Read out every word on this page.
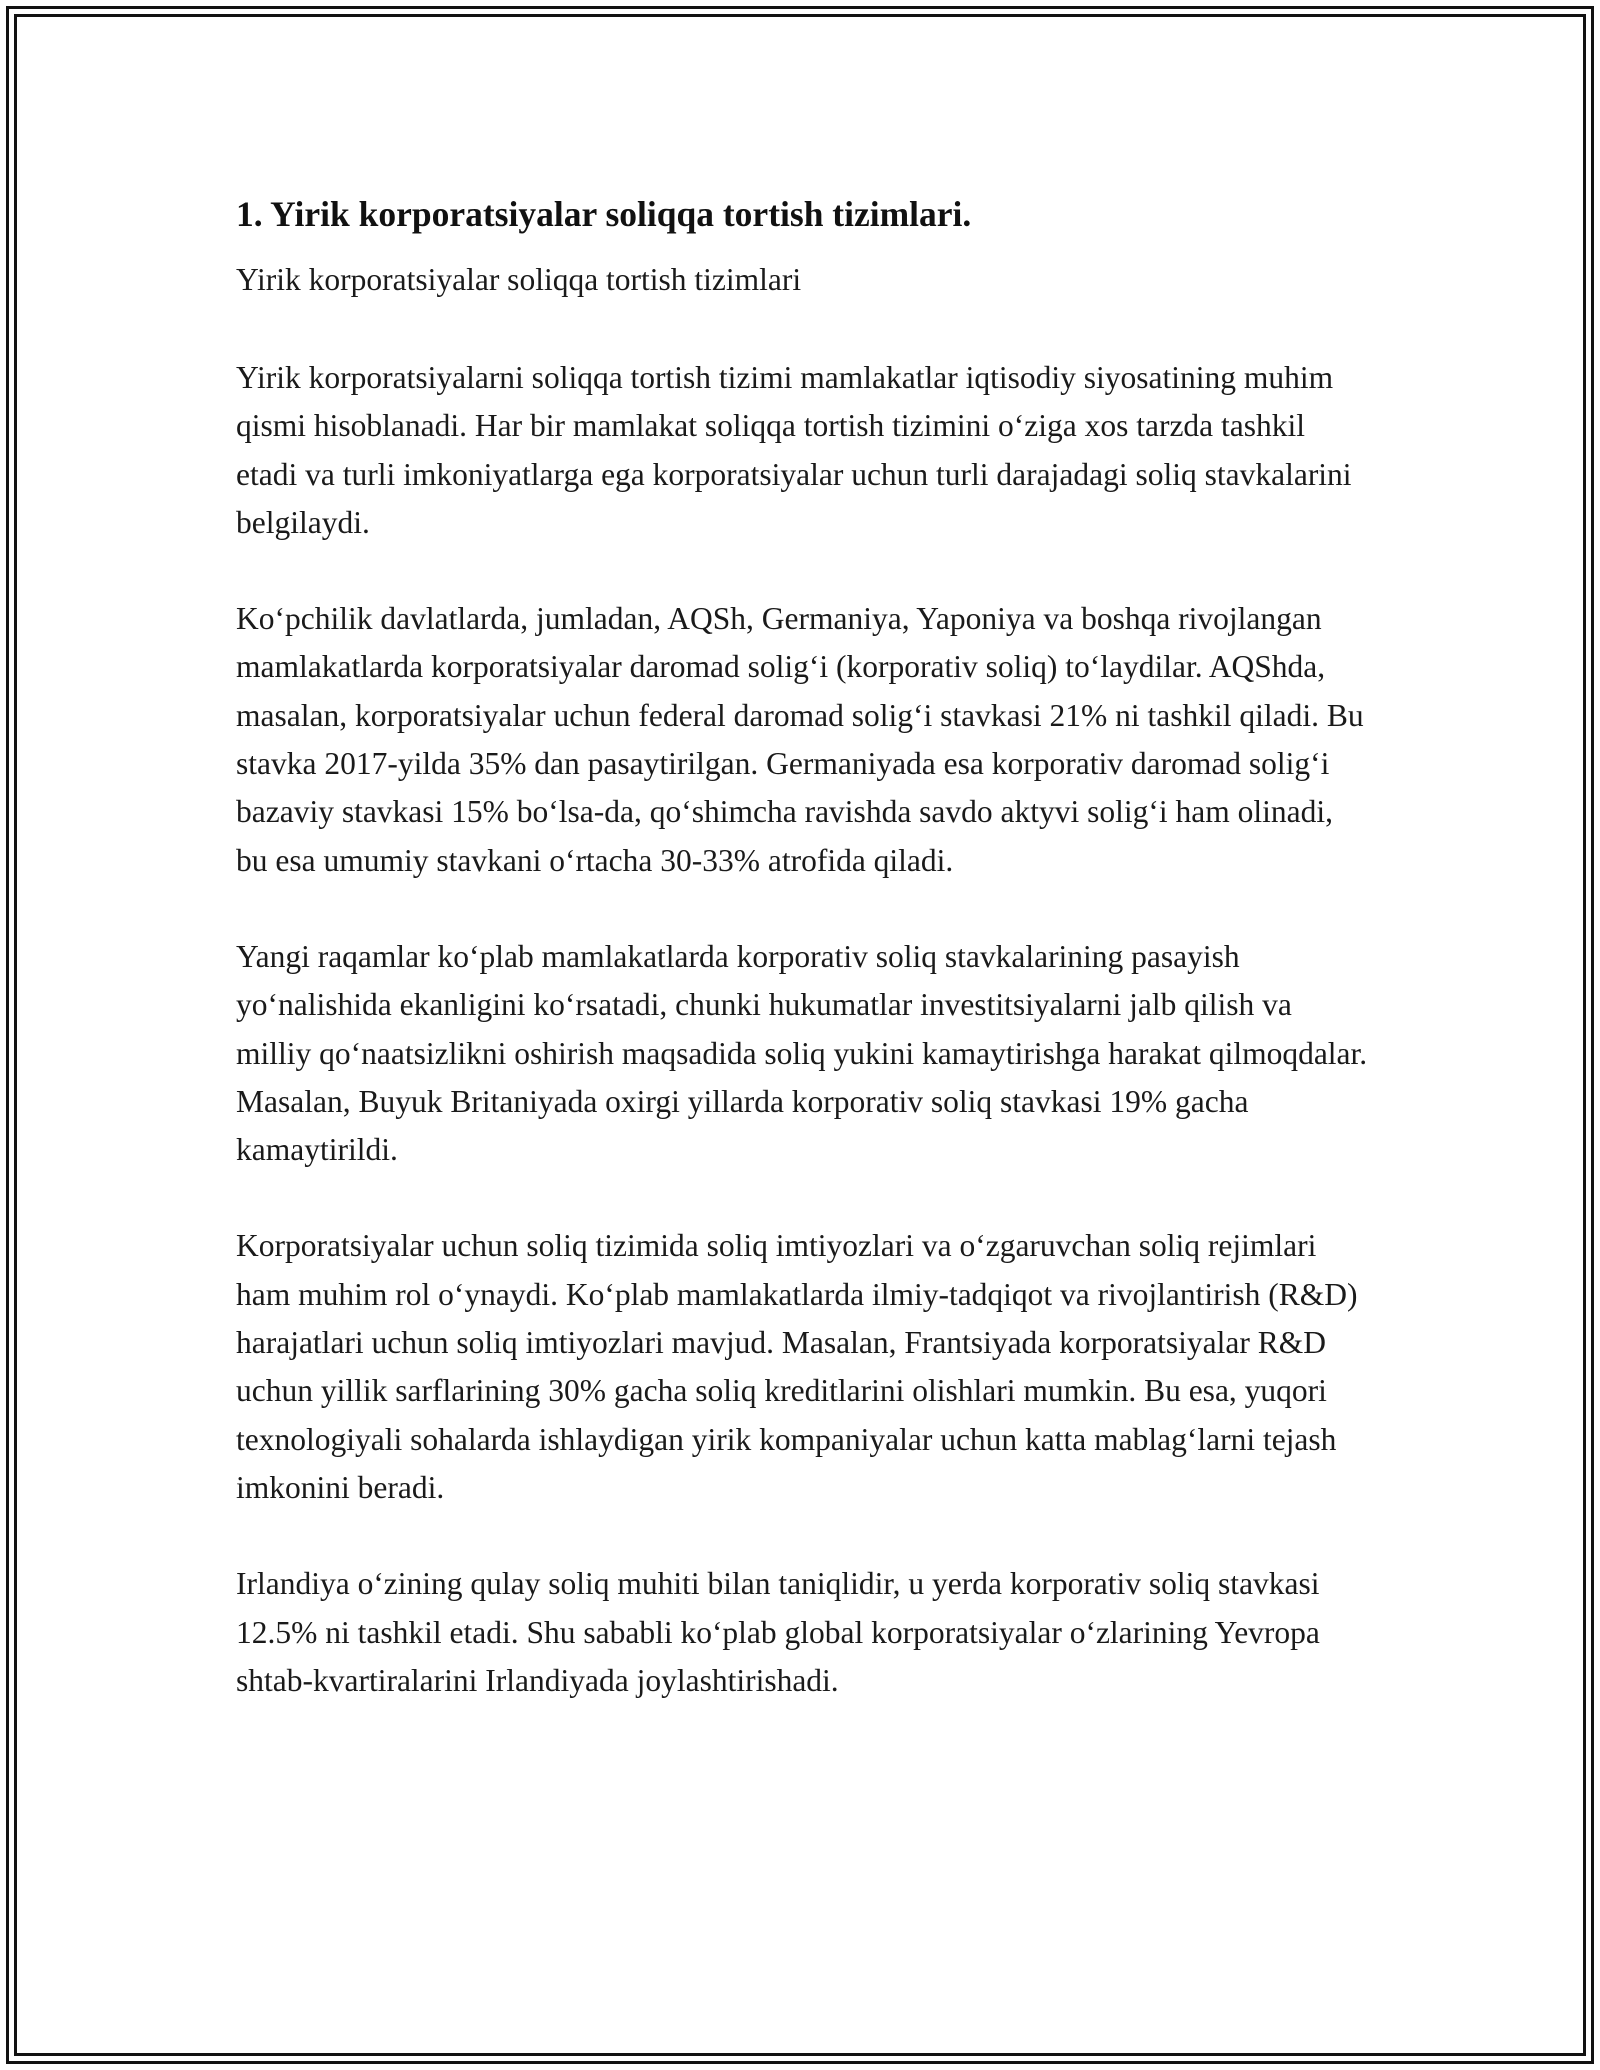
1. Yirik korporatsiyalar soliqqa tortish tizimlari.

Yirik korporatsiyalar soliqqa tortish tizimlari

Yirik korporatsiyalarni soliqqa tortish tizimi mamlakatlar iqtisodiy siyosatining muhim qismi hisoblanadi. Har bir mamlakat soliqqa tortish tizimini o‘ziga xos tarzda tashkil etadi va turli imkoniyatlarga ega korporatsiyalar uchun turli darajadagi soliq stavkalarini belgilaydi.

Ko‘pchilik davlatlarda, jumladan, AQSh, Germaniya, Yaponiya va boshqa rivojlangan mamlakatlarda korporatsiyalar daromad solig‘i (korporativ soliq) to‘laydilar. AQShda, masalan, korporatsiyalar uchun federal daromad solig‘i stavkasi 21% ni tashkil qiladi. Bu stavka 2017-yilda 35% dan pasaytirilgan. Germaniyada esa korporativ daromad solig‘i bazaviy stavkasi 15% bo‘lsa-da, qo‘shimcha ravishda savdo aktyvi solig‘i ham olinadi, bu esa umumiy stavkani o‘rtacha 30-33% atrofida qiladi.

Yangi raqamlar ko‘plab mamlakatlarda korporativ soliq stavkalarining pasayish yo‘nalishida ekanligini ko‘rsatadi, chunki hukumatlar investitsiyalarni jalb qilish va milliy qo‘naatsizlikni oshirish maqsadida soliq yukini kamaytirishga harakat qilmoqdalar. Masalan, Buyuk Britaniyada oxirgi yillarda korporativ soliq stavkasi 19% gacha kamaytirildi.

Korporatsiyalar uchun soliq tizimida soliq imtiyozlari va o‘zgaruvchan soliq rejimlari ham muhim rol o‘ynaydi. Ko‘plab mamlakatlarda ilmiy-tadqiqot va rivojlantirish (R&D) harajatlari uchun soliq imtiyozlari mavjud. Masalan, Frantsiyada korporatsiyalar R&D uchun yillik sarflarining 30% gacha soliq kreditlarini olishlari mumkin. Bu esa, yuqori texnologiyali sohalarda ishlaydigan yirik kompaniyalar uchun katta mablag‘larni tejash imkonini beradi.

Irlandiya o‘zining qulay soliq muhiti bilan taniqlidir, u yerda korporativ soliq stavkasi 12.5% ni tashkil etadi. Shu sababli ko‘plab global korporatsiyalar o‘zlarining Yevropa shtab-kvartiralarini Irlandiyada joylashtirishadi.
